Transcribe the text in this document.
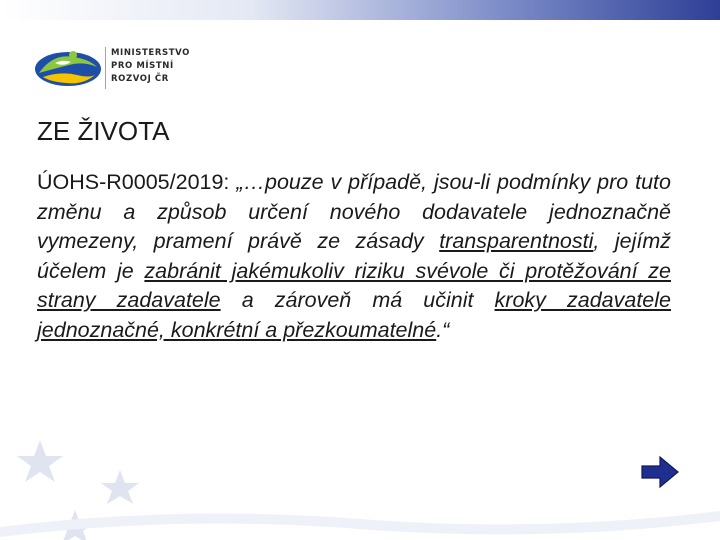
MINISTERSTVO
PRO MÍSTNÍ
ROZVOJ ČR
ZE ŽIVOTA
ÚOHS-R0005/2019: „…pouze v případě, jsou-li podmínky pro tuto změnu a způsob určení nového dodavatele jednoznačně vymezeny, pramení právě ze zásady transparentnosti, jejímž účelem je zabránit jakémukoliv riziku svévole či protěžování ze strany zadavatele a zároveň má učinit kroky zadavatele jednoznačné, konkrétní a přezkoumatelné.“
